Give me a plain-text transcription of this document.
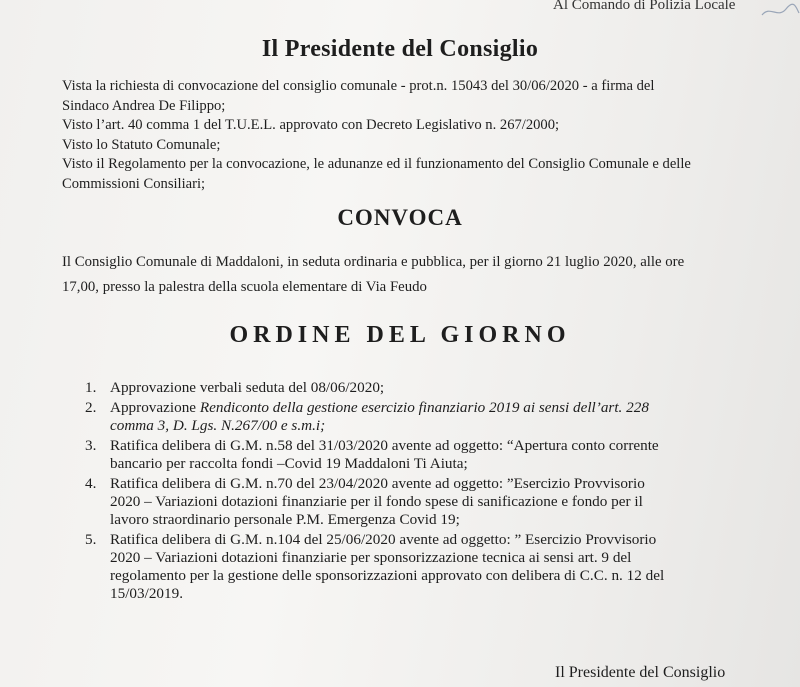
Al Comando di Polizia Locale
Il Presidente del Consiglio
Vista la richiesta di convocazione del consiglio comunale - prot.n. 15043 del 30/06/2020 - a firma del
Sindaco Andrea De Filippo;
Visto l’art. 40 comma 1 del T.U.E.L. approvato con Decreto Legislativo n. 267/2000;
Visto lo Statuto Comunale;
Visto il Regolamento per la convocazione, le adunanze ed il funzionamento del Consiglio Comunale e delle
Commissioni Consiliari;
CONVOCA
Il Consiglio Comunale di Maddaloni, in seduta ordinaria e pubblica, per il giorno 21 luglio 2020, alle ore
17,00, presso la palestra della scuola elementare di Via Feudo
ORDINE DEL GIORNO
1. Approvazione verbali seduta del 08/06/2020;
2. Approvazione Rendiconto della gestione esercizio finanziario 2019 ai sensi dell’art. 228
comma 3, D. Lgs. N.267/00 e s.m.i;
3. Ratifica delibera di G.M. n.58 del 31/03/2020 avente ad oggetto: “Apertura conto corrente
bancario per raccolta fondi –Covid 19 Maddaloni Ti Aiuta;
4. Ratifica delibera di G.M. n.70 del 23/04/2020 avente ad oggetto: ”Esercizio Provvisorio
2020 – Variazioni dotazioni finanziarie per il fondo spese di sanificazione e fondo per il
lavoro straordinario personale P.M. Emergenza Covid 19;
5. Ratifica delibera di G.M. n.104 del 25/06/2020 avente ad oggetto: ” Esercizio Provvisorio
2020 – Variazioni dotazioni finanziarie per sponsorizzazione tecnica ai sensi art. 9 del
regolamento per la gestione delle sponsorizzazioni approvato con delibera di C.C. n. 12 del
15/03/2019.
Il Presidente del Consiglio
